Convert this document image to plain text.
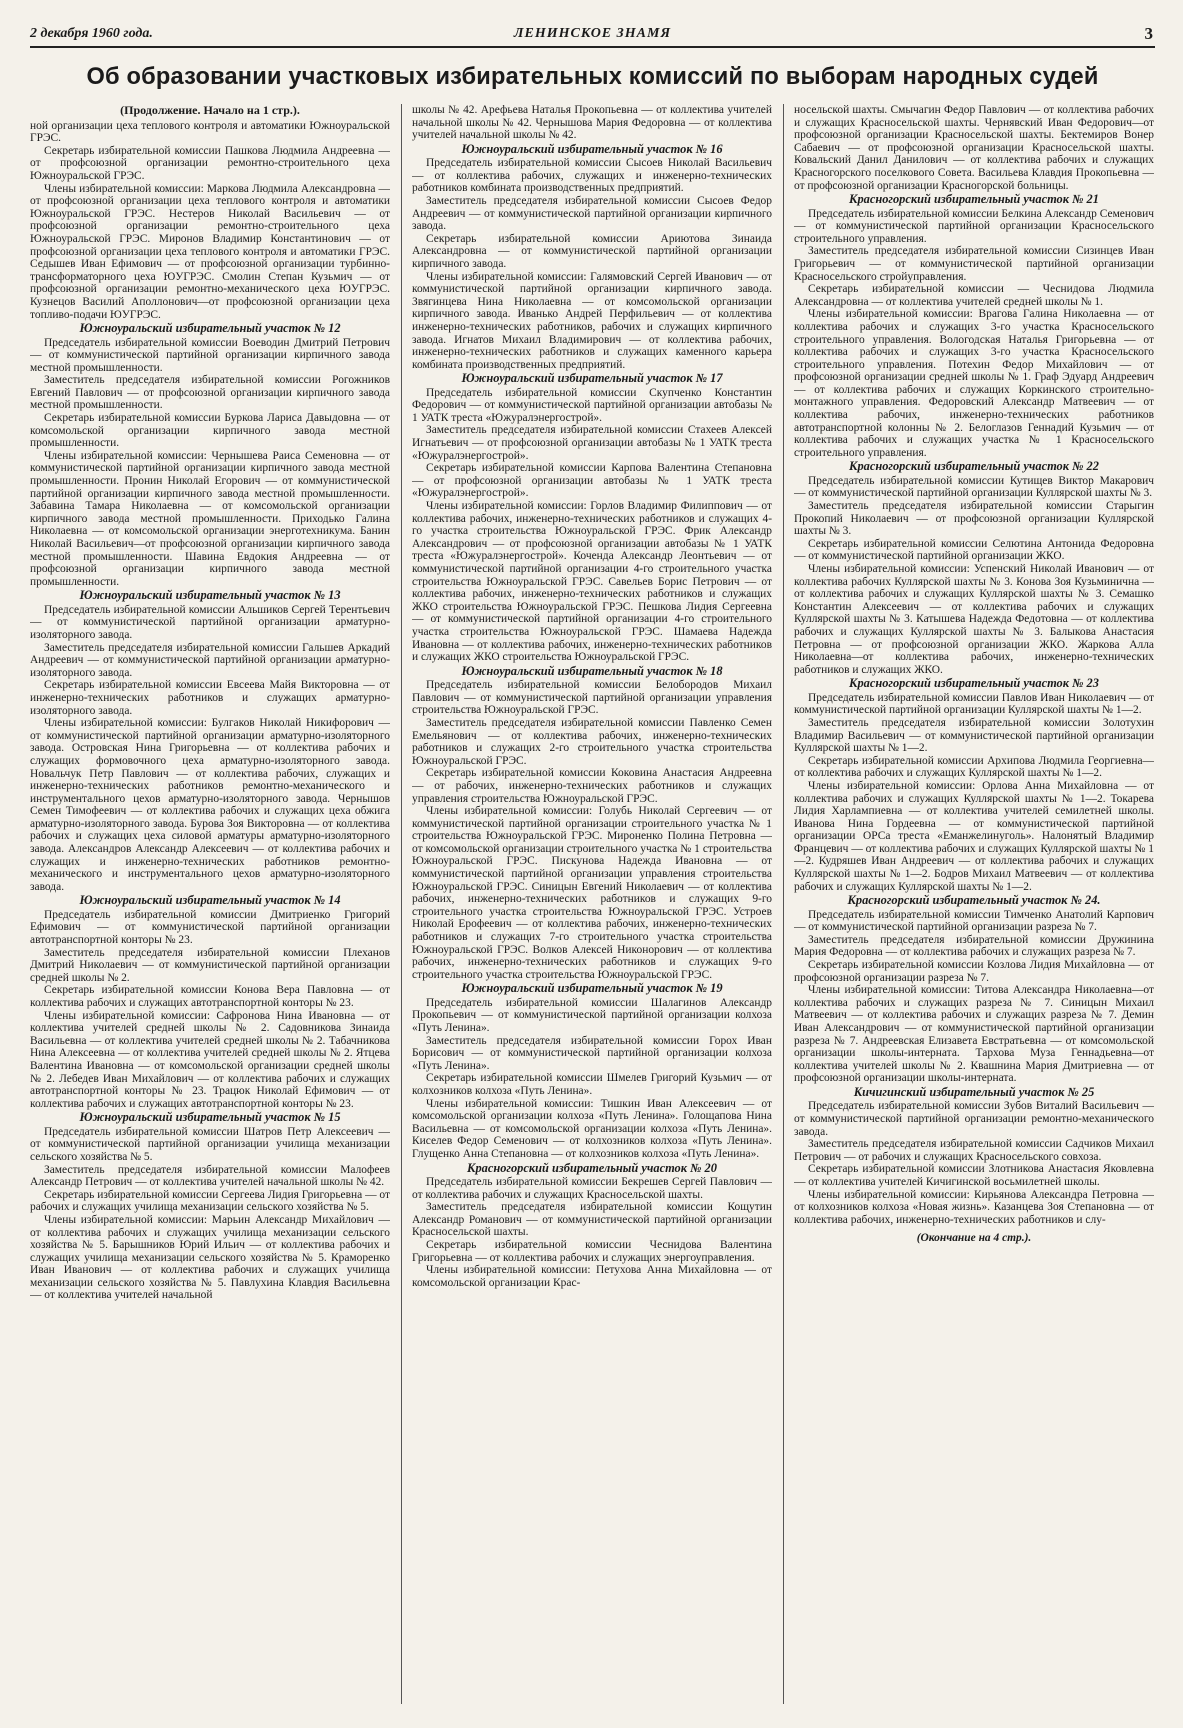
2 декабря 1960 года.	ЛЕНИНСКОЕ ЗНАМЯ	3
Об образовании участковых избирательных комиссий по выборам народных судей

(Продолжение. Начало на 1 стр.).

ной организации цеха теплового контроля и автоматики Южноуральской ГРЭС.

Секретарь избирательной комиссии Пашкова Людмила Андреевна — от профсоюзной организации ремонтно-строительного цеха Южноуральской ГРЭС.

Члены избирательной комиссии: Маркова Людмила Александровна — от профсоюзной организации цеха теплового контроля и автоматики Южноуральской ГРЭС. Нестеров Николай Васильевич — от профсоюзной организации ремонтно-строительного цеха Южноуральской ГРЭС. Миронов Владимир Константинович — от профсоюзной организации цеха теплового контроля и автоматики ГРЭС. Седышев Иван Ефимович — от профсоюзной организации турбинно-трансформаторного цеха ЮУГРЭС. Смолин Степан Кузьмич — от профсоюзной организации ремонтно-механического цеха ЮУГРЭС. Кузнецов Василий Аполлонович—от профсоюзной организации цеха топливо-подачи ЮУГРЭС.

Южноуральский избирательный участок № 12

Председатель избирательной комиссии Воеводин Дмитрий Петрович — от коммунистической партийной организации кирпичного завода местной промышленности.

Заместитель председателя избирательной комиссии Рогожников Евгений Павлович — от профсоюзной организации кирпичного завода местной промышленности.

Секретарь избирательной комиссии Буркова Лариса Давыдовна — от комсомольской организации кирпичного завода местной промышленности.

Члены избирательной комиссии: Чернышева Раиса Семеновна — от коммунистической партийной организации кирпичного завода местной промышленности. Пронин Николай Егорович — от коммунистической партийной организации кирпичного завода местной промышленности. Забавина Тамара Николаевна — от комсомольской организации кирпичного завода местной промышленности. Приходько Галина Николаевна — от комсомольской организации энерготехникума. Банин Николай Васильевич—от профсоюзной организации кирпичного завода местной промышленности. Шавина Евдокия Андреевна — от профсоюзной организации кирпичного завода местной промышленности.

Южноуральский избирательный участок № 13

Председатель избирательной комиссии Альшиков Сергей Терентьевич— от коммунистической партийной организации арматурно-изоляторного завода.

Заместитель председателя избирательной комиссии Гальшев Аркадий Андреевич — от коммунистической партийной организации арматурно-изоляторного завода.

Секретарь избирательной комиссии Евсеева Майя Викторовна — от инженерно-технических работников и служащих арматурно-изоляторного завода.

Члены избирательной комиссии: Булгаков Николай Никифорович — от коммунистической партийной организации арматурно-изоляторного завода. Островская Нина Григорьевна — от коллектива рабочих и служащих формовочного цеха арматурно-изоляторного завода. Новальчук Петр Павлович — от коллектива рабочих, служащих и инженерно-технических работников ремонтно-механического и инструментального цехов арматурно-изоляторного завода. Чернышов Семен Тимофеевич — от коллектива рабочих и служащих цеха обжига арматурно-изоляторного завода. Бурова Зоя Викторовна — от коллектива рабочих и служащих цеха силовой арматуры арматурно-изоляторного завода. Александров Александр Алексеевич — от коллектива рабочих и служащих и инженерно-технических работников ремонтно-механического и инструментального цехов арматурно-изоляторного завода.

Южноуральский избирательный участок № 14

Председатель избирательной комиссии Дмитриенко Григорий Ефимович — от коммунистической партийной организации автотранспортной конторы № 23.

Заместитель председателя избирательной комиссии Плеханов Дмитрий Николаевич — от коммунистической партийной организации средней школы № 2.

Секретарь избирательной комиссии Конова Вера Павловна — от коллектива рабочих и служащих автотранспортной конторы № 23.

Члены избирательной комиссии: Сафронова Нина Ивановна — от коллектива учителей средней школы № 2. Садовникова Зинаида Васильевна — от коллектива учителей средней школы № 2. Табачникова Нина Алексеевна — от коллектива учителей средней школы № 2. Ятцева Валентина Ивановна — от комсомольской организации средней школы № 2. Лебедев Иван Михайлович — от коллектива рабочих и служащих автотранспортной конторы № 23. Трацюк Николай Ефимович — от коллектива рабочих и служащих автотранспортной конторы № 23.

Южноуральский избирательный участок № 15

Председатель избирательной комиссии Шатров Петр Алексеевич — от коммунистической партийной организации училища механизации сельского хозяйства № 5.

Заместитель председателя избирательной комиссии Малофеев Александр Петрович — от коллектива учителей начальной школы № 42.

Секретарь избирательной комиссии Сергеева Лидия Григорьевна — от рабочих и служащих училища механизации сельского хозяйства № 5.

Члены избирательной комиссии: Марьин Александр Михайлович — от коллектива рабочих и служащих училища механизации сельского хозяйства № 5. Барышников Юрий Ильич — от коллектива рабочих и служащих училища механизации сельского хозяйства № 5. Краморенко Иван Иванович — от коллектива рабочих и служащих училища механизации сельского хозяйства № 5. Павлухина Клавдия Васильевна — от коллектива учителей начальной

школы № 42. Арефьева Наталья Прокопьевна — от коллектива учителей начальной школы № 42. Чернышова Мария Федоровна — от коллектива учителей начальной школы № 42.

Южноуральский избирательный участок № 16

Председатель избирательной комиссии Сысоев Николай Васильевич — от коллектива рабочих, служащих и инженерно-технических работников комбината производственных предприятий.

Заместитель председателя избирательной комиссии Сысоев Федор Андреевич — от коммунистической партийной организации кирпичного завода.

Секретарь избирательной комиссии Ариютова Зинаида Александровна — от коммунистической партийной организации кирпичного завода.

Члены избирательной комиссии: Галямовский Сергей Иванович — от коммунистической партийной организации кирпичного завода. Звягинцева Нина Николаевна — от комсомольской организации кирпичного завода. Иванько Андрей Перфильевич — от коллектива инженерно-технических работников, рабочих и служащих кирпичного завода. Игнатов Михаил Владимирович — от коллектива рабочих, инженерно-технических работников и служащих каменного карьера комбината производственных предприятий.

Южноуральский избирательный участок № 17

Председатель избирательной комиссии Скупченко Константин Федорович — от коммунистической партийной организации автобазы № 1 УАТК треста «Южуралэнергострой».

Заместитель председателя избирательной комиссии Стахеев Алексей Игнатьевич — от профсоюзной организации автобазы № 1 УАТК треста «Южуралэнергострой».

Секретарь избирательной комиссии Карпова Валентина Степановна — от профсоюзной организации автобазы № 1 УАТК треста «Южуралэнергострой».

Члены избирательной комиссии: Горлов Владимир Филиппович — от коллектива рабочих, инженерно-технических работников и служащих 4-го участка строительства Южноуральской ГРЭС. Фрик Александр Александрович — от профсоюзной организации автобазы № 1 УАТК треста «Южуралэнергострой». Коченда Александр Леонтьевич — от коммунистической партийной организации 4-го строительного участка строительства Южноуральской ГРЭС. Савельев Борис Петрович — от коллектива рабочих, инженерно-технических работников и служащих ЖКО строительства Южноуральской ГРЭС. Пешкова Лидия Сергеевна — от коммунистической партийной организации 4-го строительного участка строительства Южноуральской ГРЭС. Шамаева Надежда Ивановна — от коллектива рабочих, инженерно-технических работников и служащих ЖКО строительства Южноуральской ГРЭС.

Южноуральский избирательный участок № 18

Председатель избирательной комиссии Белобородов Михаил Павлович — от коммунистической партийной организации управления строительства Южноуральской ГРЭС.

Заместитель председателя избирательной комиссии Павленко Семен Емельянович — от коллектива рабочих, инженерно-технических работников и служащих 2-го строительного участка строительства Южноуральской ГРЭС.

Секретарь избирательной комиссии Коковина Анастасия Андреевна — от рабочих, инженерно-технических работников и служащих управления строительства Южноуральской ГРЭС.

Члены избирательной комиссии: Голубь Николай Сергеевич — от коммунистической партийной организации строительного участка № 1 строительства Южноуральской ГРЭС. Мироненко Полина Петровна — от комсомольской организации строительного участка № 1 строительства Южноуральской ГРЭС. Пискунова Надежда Ивановна — от коммунистической партийной организации управления строительства Южноуральской ГРЭС. Синицын Евгений Николаевич — от коллектива рабочих, инженерно-технических работников и служащих 9-го строительного участка строительства Южноуральской ГРЭС. Устроев Николай Ерофеевич — от коллектива рабочих, инженерно-технических работников и служащих 7-го строительного участка строительства Южноуральской ГРЭС. Волков Алексей Никонорович — от коллектива рабочих, инженерно-технических работников и служащих 9-го строительного участка строительства Южноуральской ГРЭС.

Южноуральский избирательный участок № 19

Председатель избирательной комиссии Шалагинов Александр Прокопьевич — от коммунистической партийной организации колхоза «Путь Ленина».

Заместитель председателя избирательной комиссии Горох Иван Борисович — от коммунистической партийной организации колхоза «Путь Ленина».

Секретарь избирательной комиссии Шмелев Григорий Кузьмич — от колхозников колхоза «Путь Ленина».

Члены избирательной комиссии: Тишкин Иван Алексеевич — от комсомольской организации колхоза «Путь Ленина». Голощапова Нина Васильевна — от комсомольской организации колхоза «Путь Ленина». Киселев Федор Семенович — от колхозников колхоза «Путь Ленина». Глущенко Анна Степановна — от колхозников колхоза «Путь Ленина».

Красногорский избирательный участок № 20

Председатель избирательной комиссии Бекрешев Сергей Павлович — от коллектива рабочих и служащих Красносельской шахты.

Заместитель председателя избирательной комиссии Кощутин Александр Романович — от коммунистической партийной организации Красносельской шахты.

Секретарь избирательной комиссии Чеснидова Валентина Григорьевна — от коллектива рабочих и служащих энергоуправления.

Члены избирательной комиссии: Петухова Анна Михайловна — от комсомольской организации Крас-

носельской шахты. Смычагин Федор Павлович — от коллектива рабочих и служащих Красносельской шахты. Чернявский Иван Федорович—от профсоюзной организации Красносельской шахты. Бектемиров Вонер Сабаевич — от профсоюзной организации Красносельской шахты. Ковальский Данил Данилович — от коллектива рабочих и служащих Красногорского поселкового Совета. Васильева Клавдия Прокопьевна — от профсоюзной организации Красногорской больницы.

Красногорский избирательный участок № 21

Председатель избирательной комиссии Белкина Александр Семенович — от коммунистической партийной организации Красносельского строительного управления.

Заместитель председателя избирательной комиссии Сизинцев Иван Григорьевич — от коммунистической партийной организации Красносельского стройуправления.

Секретарь избирательной комиссии — Чеснидова Людмила Александровна — от коллектива учителей средней школы № 1.

Члены избирательной комиссии: Врагова Галина Николаевна — от коллектива рабочих и служащих 3-го участка Красносельского строительного управления. Вологодская Наталья Григорьевна — от коллектива рабочих и служащих 3-го участка Красносельского строительного управления. Потехин Федор Михайлович — от профсоюзной организации средней школы № 1. Граф Эдуард Андреевич — от коллектива рабочих и служащих Коркинского строительно-монтажного управления. Федоровский Александр Матвеевич — от коллектива рабочих, инженерно-технических работников автотранспортной колонны № 2. Белоглазов Геннадий Кузьмич — от коллектива рабочих и служащих участка № 1 Красносельского строительного управления.

Красногорский избирательный участок № 22

Председатель избирательной комиссии Кутищев Виктор Макарович — от коммунистической партийной организации Куллярской шахты № 3.

Заместитель председателя избирательной комиссии Старыгин Прокопий Николаевич — от профсоюзной организации Куллярской шахты № 3.

Секретарь избирательной комиссии Селютина Антонида Федоровна — от коммунистической партийной организации ЖКО.

Члены избирательной комиссии: Успенский Николай Иванович — от коллектива рабочих Куллярской шахты № 3. Конова Зоя Кузьминична — от коллектива рабочих и служащих Куллярской шахты № 3. Семашко Константин Алексеевич — от коллектива рабочих и служащих Куллярской шахты № 3. Катышева Надежда Федотовна — от коллектива рабочих и служащих Куллярской шахты № 3. Балыкова Анастасия Петровна — от профсоюзной организации ЖКО. Жаркова Алла Николаевна—от коллектива рабочих, инженерно-технических работников и служащих ЖКО.

Красногорский избирательный участок № 23

Председатель избирательной комиссии Павлов Иван Николаевич — от коммунистической партийной организации Куллярской шахты № 1—2.

Заместитель председателя избирательной комиссии Золотухин Владимир Васильевич — от коммунистической партийной организации Куллярской шахты № 1—2.

Секретарь избирательной комиссии Архипова Людмила Георгиевна—от коллектива рабочих и служащих Куллярской шахты № 1—2.

Члены избирательной комиссии: Орлова Анна Михайловна — от коллектива рабочих и служащих Куллярской шахты № 1—2. Токарева Лидия Харлампиевна — от коллектива учителей семилетней школы. Иванова Нина Гордеевна — от коммунистической партийной организации ОРСа треста «Еманжелинуголь». Налонятый Владимир Францевич — от коллектива рабочих и служащих Куллярской шахты № 1—2. Кудряшев Иван Андреевич — от коллектива рабочих и служащих Куллярской шахты № 1—2. Бодров Михаил Матвеевич — от коллектива рабочих и служащих Куллярской шахты № 1—2.

Красногорский избирательный участок № 24.

Председатель избирательной комиссии Тимченко Анатолий Карпович — от коммунистической партийной организации разреза № 7.

Заместитель председателя избирательной комиссии Дружинина Мария Федоровна — от коллектива рабочих и служащих разреза № 7.

Секретарь избирательной комиссии Козлова Лидия Михайловна — от профсоюзной организации разреза № 7.

Члены избирательной комиссии: Титова Александра Николаевна—от коллектива рабочих и служащих разреза № 7. Синицын Михаил Матвеевич — от коллектива рабочих и служащих разреза № 7. Демин Иван Александрович — от коммунистической партийной организации разреза № 7. Андреевская Елизавета Евстратьевна — от комсомольской организации школы-интерната. Тархова Муза Геннадьевна—от коллектива учителей школы № 2. Квашнина Мария Дмитриевна — от профсоюзной организации школы-интерната.

Кичигинский избирательный участок № 25

Председатель избирательной комиссии Зубов Виталий Васильевич — от коммунистической партийной организации ремонтно-механического завода.

Заместитель председателя избирательной комиссии Садчиков Михаил Петрович — от рабочих и служащих Красносельского совхоза.

Секретарь избирательной комиссии Злотникова Анастасия Яковлевна — от коллектива учителей Кичигинской восьмилетней школы.

Члены избирательной комиссии: Кирьянова Александра Петровна — от колхозников колхоза «Новая жизнь». Казанцева Зоя Степановна — от коллектива рабочих, инженерно-технических работников и слу-

(Окончание на 4 стр.).
